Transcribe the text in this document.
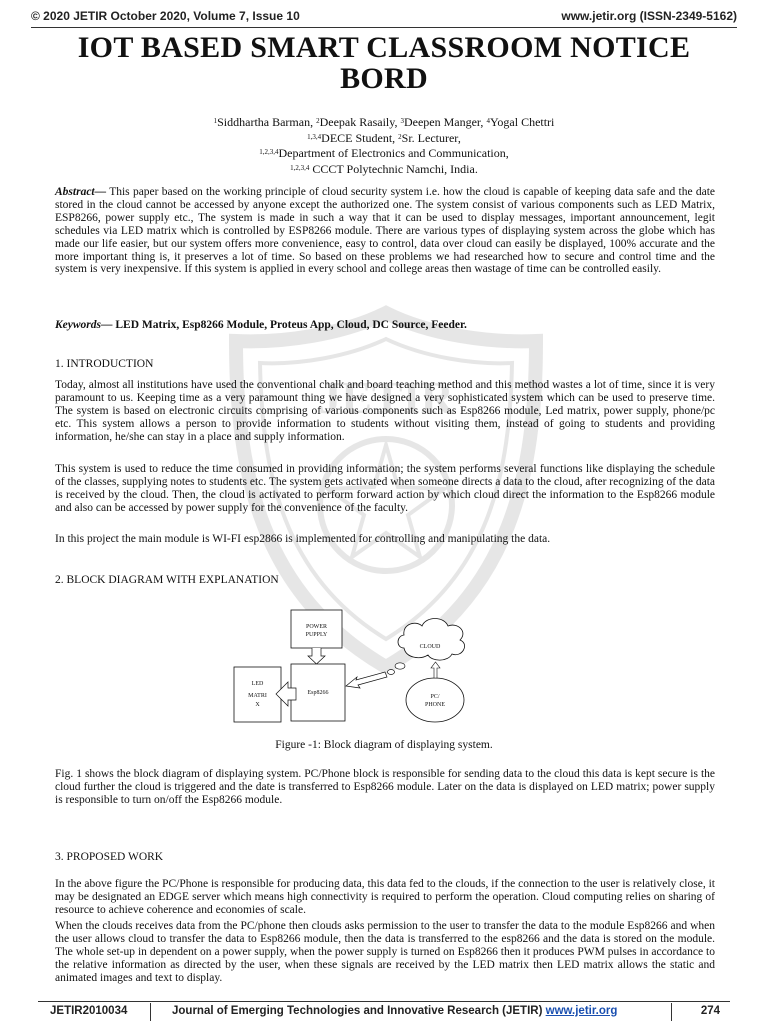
© 2020 JETIR October 2020, Volume 7, Issue 10	www.jetir.org (ISSN-2349-5162)
JETIR
IOT BASED SMART CLASSROOM NOTICE BORD
$^1$Siddhartha Barman, $^2$Deepak Rasaily, $^3$Deepen Manger, $^4$Yogal Chettri
$^{1,3,4}$DECE Student, $^2$Sr. Lecturer,
$^{1,2,3,4}$Department of Electronics and Communication,
$^{1,2,3,4}$ CCCT Polytechnic Namchi, India.
Abstract— This paper based on the working principle of cloud security system i.e. how the cloud is capable of keeping data safe and the date stored in the cloud cannot be accessed by anyone except the authorized one. The system consist of various components such as LED Matrix, ESP8266, power supply etc., The system is made in such a way that it can be used to display messages, important announcement, legit schedules via LED matrix which is controlled by ESP8266 module. There are various types of displaying system across the globe which has made our life easier, but our system offers more convenience, easy to control, data over cloud can easily be displayed, 100% accurate and the more important thing is, it preserves a lot of time. So based on these problems we had researched how to secure and control time and the system is very inexpensive. If this system is applied in every school and college areas then wastage of time can be controlled easily.
Keywords— LED Matrix, Esp8266 Module, Proteus App, Cloud, DC Source, Feeder.
1. INTRODUCTION
Today, almost all institutions have used the conventional chalk and board teaching method and this method wastes a lot of time, since it is very paramount to us. Keeping time as a very paramount thing we have designed a very sophisticated system which can be used to preserve time. The system is based on electronic circuits comprising of various components such as Esp8266 module, Led matrix, power supply, phone/pc etc. This system allows a person to provide information to students without visiting them, instead of going to students and providing information, he/she can stay in a place and supply information.
This system is used to reduce the time consumed in providing information; the system performs several functions like displaying the schedule of the classes, supplying notes to students etc. The system gets activated when someone directs a data to the cloud, after recognizing of the data is received by the cloud. Then, the cloud is activated to perform forward action by which cloud direct the information to the Esp8266 module and also can be accessed by power supply for the convenience of the faculty.
In this project the main module is WI-FI esp2866 is implemented for controlling and manipulating the data.
2. BLOCK DIAGRAM WITH EXPLANATION
POWER
PUPPLY
Esp8266
LED
MATRI
X
CLOUD
PC/
PHONE
Figure -1: Block diagram of displaying system.
Fig. 1 shows the block diagram of displaying system. PC/Phone block is responsible for sending data to the cloud this data is kept secure is the cloud further the cloud is triggered and the date is transferred to Esp8266 module. Later on the data is displayed on LED matrix; power supply is responsible to turn on/off the Esp8266 module.
3. PROPOSED WORK
In the above figure the PC/Phone is responsible for producing data, this data fed to the clouds, if the connection to the user is relatively close, it may be designated an EDGE server which means high connectivity is required to perform the operation. Cloud computing relies on sharing of resource to achieve coherence and economies of scale.
When the clouds receives data from the PC/phone then clouds asks permission to the user to transfer the data to the module Esp8266 and when the user allows cloud to transfer the data to Esp8266 module, then the data is transferred to the esp8266 and the data is stored on the module. The whole set-up in dependent on a power supply, when the power supply is turned on Esp8266 then it produces PWM pulses in accordance to the relative information as directed by the user, when these signals are received by the LED matrix then LED matrix allows the static and animated images and text to display.
JETIR2010034	Journal of Emerging Technologies and Innovative Research (JETIR) www.jetir.org	274
